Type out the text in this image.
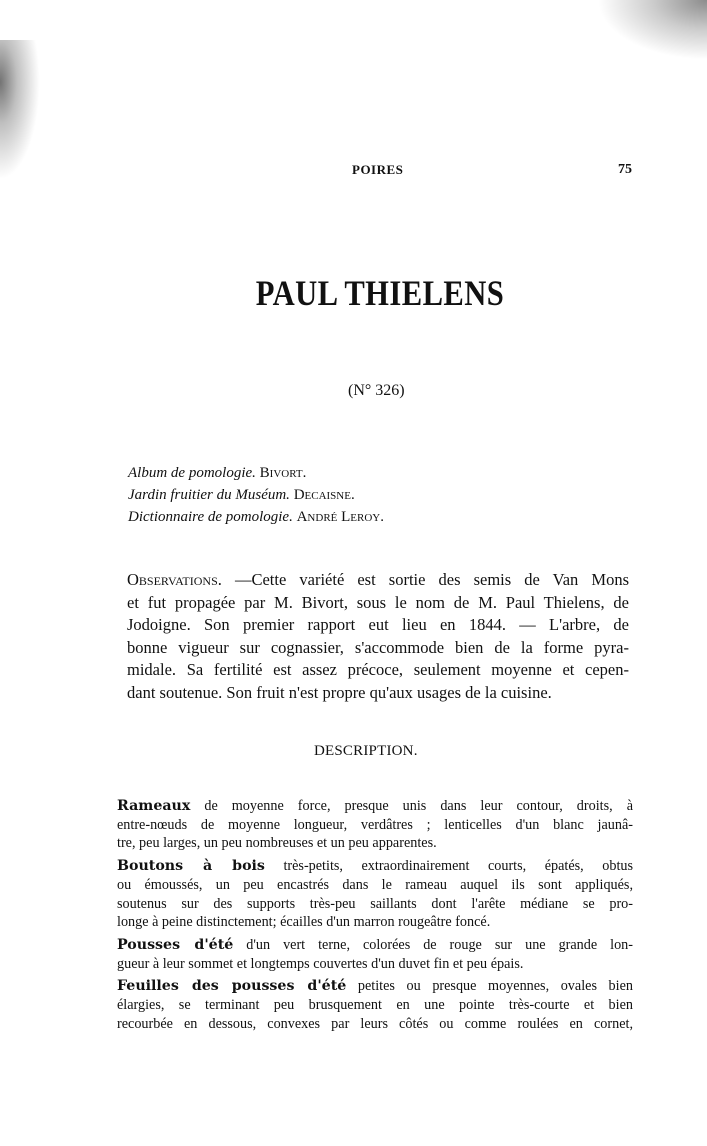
POIRES	75
PAUL THIELENS
(N° 326)
Album de pomologie. Bivort.
Jardin fruitier du Muséum. Decaisne.
Dictionnaire de pomologie. André Leroy.
Observations. —Cette variété est sortie des semis de Van Mons
et fut propagée par M. Bivort, sous le nom de M. Paul Thielens, de
Jodoigne. Son premier rapport eut lieu en 1844. — L'arbre, de
bonne vigueur sur cognassier, s'accommode bien de la forme pyra-
midale. Sa fertilité est assez précoce, seulement moyenne et cepen-
dant soutenue. Son fruit n'est propre qu'aux usages de la cuisine.
DESCRIPTION.
Rameaux de moyenne force, presque unis dans leur contour, droits, à
entre-nœuds de moyenne longueur, verdâtres ; lenticelles d'un blanc jaunâ-
tre, peu larges, un peu nombreuses et un peu apparentes.
Boutons à bois très-petits, extraordinairement courts, épatés, obtus
ou émoussés, un peu encastrés dans le rameau auquel ils sont appliqués,
soutenus sur des supports très-peu saillants dont l'arête médiane se pro-
longe à peine distinctement; écailles d'un marron rougeâtre foncé.
Pousses d'été d'un vert terne, colorées de rouge sur une grande lon-
gueur à leur sommet et longtemps couvertes d'un duvet fin et peu épais.
Feuilles des pousses d'été petites ou presque moyennes, ovales bien
élargies, se terminant peu brusquement en une pointe très-courte et bien
recourbée en dessous, convexes par leurs côtés ou comme roulées en cornet,
